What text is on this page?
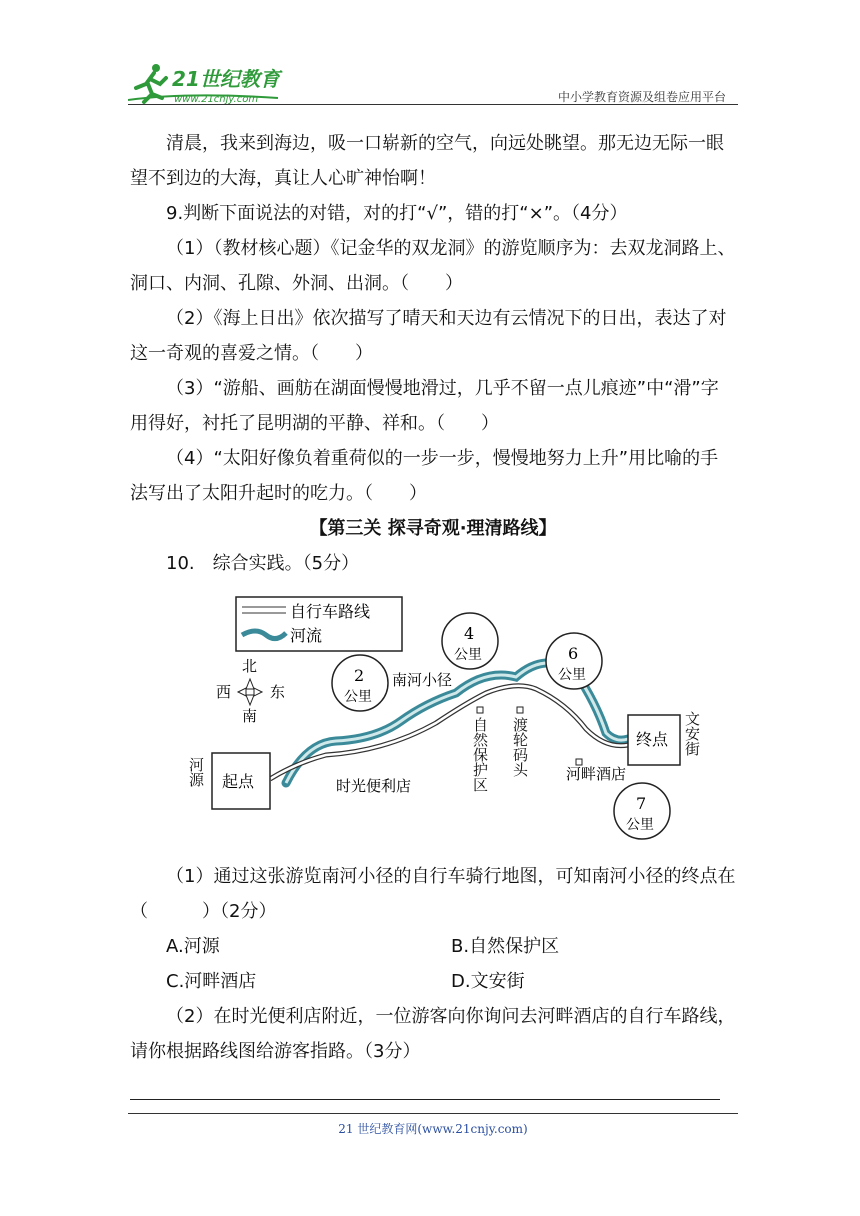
21世纪教育
www.21cnjy.com	中小学教育资源及组卷应用平台

清晨，我来到海边，吸一口崭新的空气，向远处眺望。那无边无际一眼望不到边的大海，真让人心旷神怡啊！

9.判断下面说法的对错，对的打“√”，错的打“×”。（4分）

（1）（教材核心题）《记金华的双龙洞》的游览顺序为：去双龙洞路上、洞口、内洞、孔隙、外洞、出洞。（　　）

（2）《海上日出》依次描写了晴天和天边有云情况下的日出，表达了对这一奇观的喜爱之情。（　　）

（3）“游船、画舫在湖面慢慢地滑过，几乎不留一点儿痕迹”中“滑”字用得好，衬托了昆明湖的平静、祥和。（　　）

（4）“太阳好像负着重荷似的一步一步，慢慢地努力上升”用比喻的手法写出了太阳升起时的吃力。（　　）

【第三关 探寻奇观·理清路线】

10.　综合实践。（5分）

自行车路线
河流
北
南
西	东
起点
终点
南河小径
时光便利店
河畔酒店
河源	自然保护区 渡轮码头	文安街
2
公里
4
公里	6
公里
7
公里

（1）通过这张游览南河小径的自行车骑行地图，可知南河小径的终点在（　　　）（2分）

A.河源	B.自然保护区
C.河畔酒店	D.文安街

（2）在时光便利店附近，一位游客向你询问去河畔酒店的自行车路线，请你根据路线图给游客指路。（3分）

21 世纪教育网(www.21cnjy.com)
